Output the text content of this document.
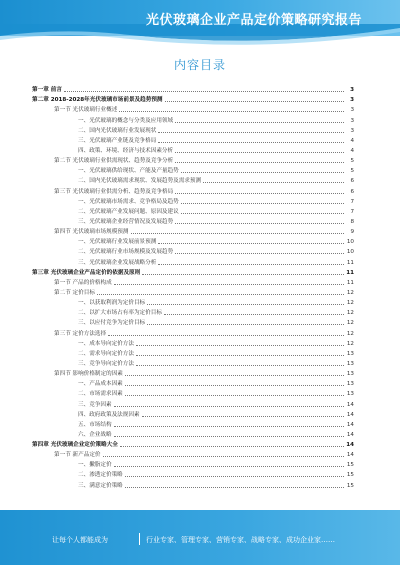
光伏玻璃企业产品定价策略研究报告
内容目录
第一章 前言	3
第二章 2018-2028年光伏玻璃市场前景及趋势预测	3
第一节 光伏玻璃行业概述	3
一、光伏玻璃的概念与分类及应用领域	3
二、国内光伏玻璃行业发展现状	3
三、光伏玻璃产业链及竞争格局	4
四、政策、环境、经济与技术因素分析	4
第二节 光伏玻璃行业供需现状、趋势及竞争分析	5
一、光伏玻璃供给现状、产能及产量趋势	5
二、国内光伏玻璃需求现状、发展趋势及需求预测	6
第三节 光伏玻璃行业供需分析、趋势及竞争格局	6
一、光伏玻璃市场需求、竞争格局及趋势	7
二、光伏玻璃产业发展问题、原因及建议	7
三、光伏玻璃企业经营情况及发展趋势	8
第四节 光伏玻璃市场规模预测	9
一、光伏玻璃行业发展前景预测	10
二、光伏玻璃行业市场规模及发展趋势	10
三、光伏玻璃企业发展战略分析	11
第三章 光伏玻璃企业产品定价的依据及原则	11
第一节 产品的价格构成	11
第二节 定价目标	12
一、以获取利润为定价目标	12
二、以扩大市场占有率为定价目标	12
三、以应付竞争为定价目标	12
第三节 定价方法选择	12
一、成本导向定价方法	12
二、需求导向定价方法	13
三、竞争导向定价方法	13
第四节 影响价格制定的因素	13
一、产品成本因素	13
二、市场需求因素	13
三、竞争因素	14
四、政府政策及法规因素	14
五、市场结构	14
六、企业战略	14
第四章 光伏玻璃企业定价策略大全	14
第一节 新产品定价	14
一、撇脂定价	15
二、渗透定价策略	15
三、满意定价策略	15
让每个人都能成为	行业专家、管理专家、营销专家、战略专家、成功企业家……
